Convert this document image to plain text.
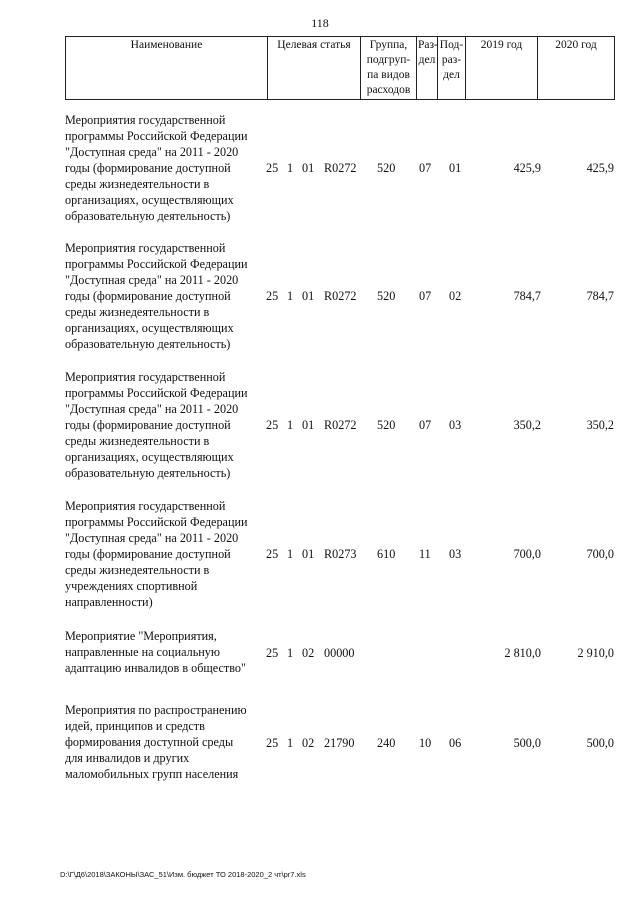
118
Наименование	Целевая статья	Группа, подгруп- па видов расходов	Раз- дел	Под- раз- дел	2019 год	2020 год
Мероприятия государственной
программы Российской Федерации
"Доступная среда" на 2011 - 2020
годы (формирование доступной
среды жизнедеятельности в
организациях, осуществляющих
образовательную деятельность)
25 1 01 R0272 520 07 01	425,9	425,9
Мероприятия государственной
программы Российской Федерации
"Доступная среда" на 2011 - 2020
годы (формирование доступной
среды жизнедеятельности в
организациях, осуществляющих
образовательную деятельность)
25 1 01 R0272 520 07 02	784,7	784,7
Мероприятия государственной
программы Российской Федерации
"Доступная среда" на 2011 - 2020
годы (формирование доступной
среды жизнедеятельности в
организациях, осуществляющих
образовательную деятельность)
25 1 01 R0272 520 07 03	350,2	350,2
Мероприятия государственной
программы Российской Федерации
"Доступная среда" на 2011 - 2020
годы (формирование доступной
среды жизнедеятельности в
учреждениях спортивной
направленности)
25 1 01 R0273 610 11 03	700,0	700,0
Мероприятие "Мероприятия,
направленные на социальную
адаптацию инвалидов в общество"
25 1 02 00000	2 810,0	2 910,0
Мероприятия по распространению
идей, принципов и средств
формирования доступной среды
для инвалидов и других
маломобильных групп населения
25 1 02 21790 240 10 06	500,0	500,0
D:\Г\Д6\2018\ЗАКОНЫ\ЗАС_51\Изм. бюджет ТО 2018-2020_2 чт\pr7.xls
